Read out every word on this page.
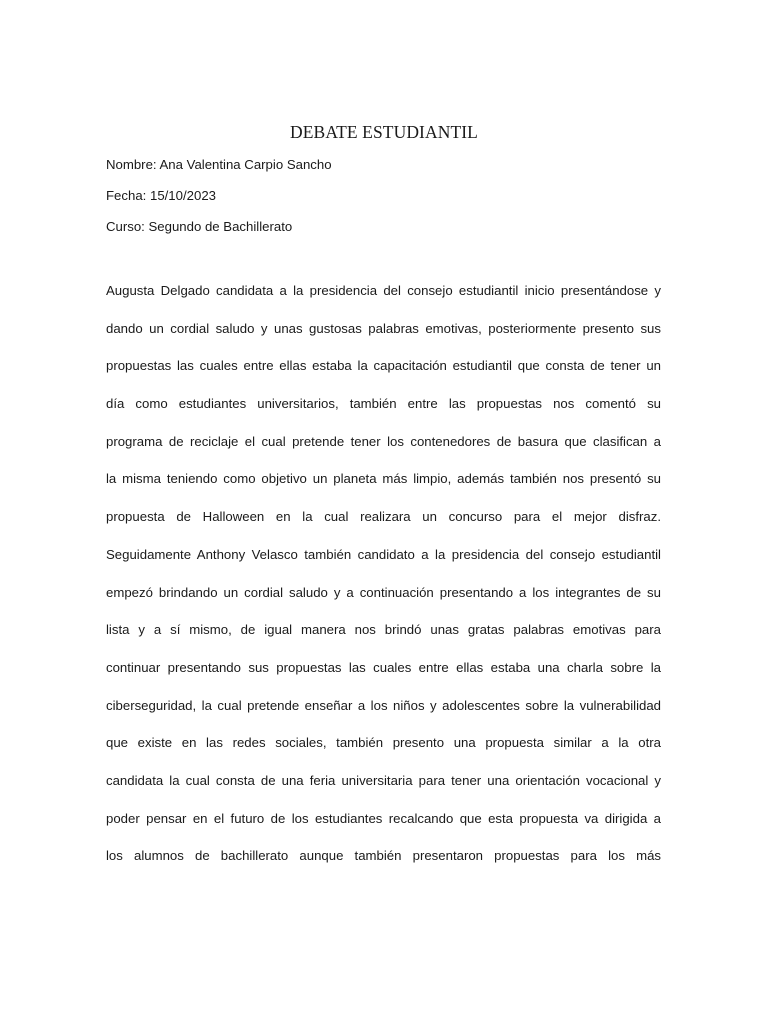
DEBATE ESTUDIANTIL
Nombre: Ana Valentina Carpio Sancho
Fecha: 15/10/2023
Curso: Segundo de Bachillerato
Augusta Delgado candidata a la presidencia del consejo estudiantil inicio presentándose y
dando un cordial saludo y unas gustosas palabras emotivas, posteriormente presento sus
propuestas las cuales entre ellas estaba la capacitación estudiantil que consta de tener un
día como estudiantes universitarios, también entre las propuestas nos comentó su
programa de reciclaje el cual pretende tener los contenedores de basura que clasifican a
la misma teniendo como objetivo un planeta más limpio, además también nos presentó su
propuesta de Halloween en la cual realizara un concurso para el mejor disfraz.
Seguidamente Anthony Velasco también candidato a la presidencia del consejo estudiantil
empezó brindando un cordial saludo y a continuación presentando a los integrantes de su
lista y a sí mismo, de igual manera nos brindó unas gratas palabras emotivas para
continuar presentando sus propuestas las cuales entre ellas estaba una charla sobre la
ciberseguridad, la cual pretende enseñar a los niños y adolescentes sobre la vulnerabilidad
que existe en las redes sociales, también presento una propuesta similar a la otra
candidata la cual consta de una feria universitaria para tener una orientación vocacional y
poder pensar en el futuro de los estudiantes recalcando que esta propuesta va dirigida a
los alumnos de bachillerato aunque también presentaron propuestas para los más
